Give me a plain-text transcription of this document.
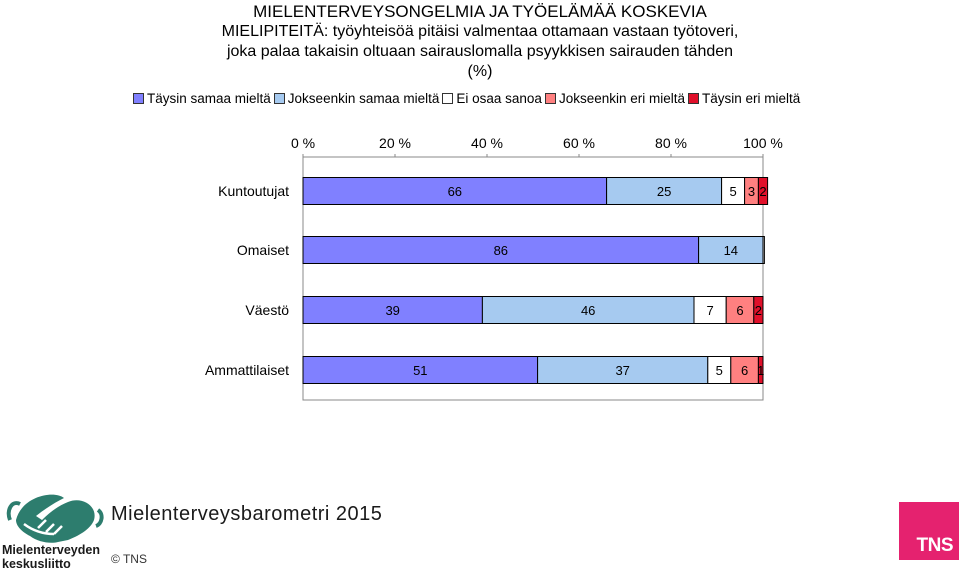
MIELENTERVEYSONGELMIA JA TYÖELÄMÄÄ KOSKEVIA
MIELIPITEITÄ: työyhteisöä pitäisi valmentaa ottamaan vastaan työtoveri,
joka palaa takaisin oltuaan sairauslomalla psyykkisen sairauden tähden
(%)
Täysin samaa mieltä Jokseenkin samaa mieltä Ei osaa sanoa Jokseenkin eri mieltä Täysin eri mieltä
0 %	20 %	40 %	60 %	80 %	100 %
Kuntoutujat	66	25	5 3 2
Omaiset	86	14
Väestö	39	46	7 6 2
Ammattilaiset	51	37	5 6 1
Mielenterveyden
keskusliitto
Mielenterveysbarometri 2015
© TNS
TNS
